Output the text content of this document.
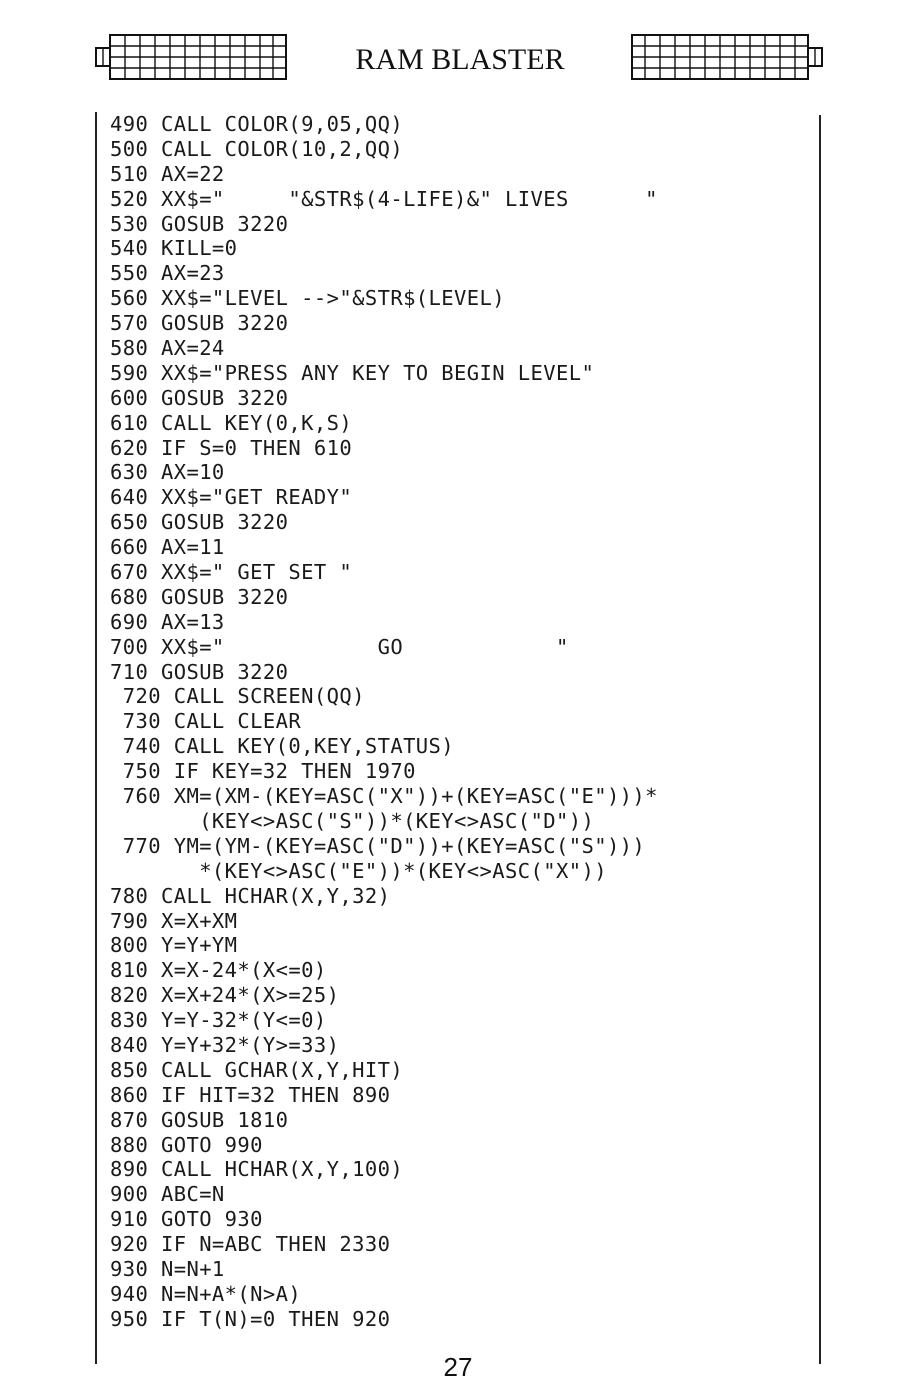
RAM BLASTER
490 CALL COLOR(9,05,QQ)
500 CALL COLOR(10,2,QQ)
510 AX=22
520 XX$="     "&STR$(4-LIFE)&" LIVES      "
530 GOSUB 3220
540 KILL=0
550 AX=23
560 XX$="LEVEL -->"&STR$(LEVEL)
570 GOSUB 3220
580 AX=24
590 XX$="PRESS ANY KEY TO BEGIN LEVEL"
600 GOSUB 3220
610 CALL KEY(0,K,S)
620 IF S=0 THEN 610
630 AX=10
640 XX$="GET READY"
650 GOSUB 3220
660 AX=11
670 XX$=" GET SET "
680 GOSUB 3220
690 AX=13
700 XX$="            GO            "
710 GOSUB 3220
720 CALL SCREEN(QQ)
730 CALL CLEAR
740 CALL KEY(0,KEY,STATUS)
750 IF KEY=32 THEN 1970
760 XM=(XM-(KEY=ASC("X"))+(KEY=ASC("E")))*
(KEY<>ASC("S"))*(KEY<>ASC("D"))
770 YM=(YM-(KEY=ASC("D"))+(KEY=ASC("S")))
*(KEY<>ASC("E"))*(KEY<>ASC("X"))
780 CALL HCHAR(X,Y,32)
790 X=X+XM
800 Y=Y+YM
810 X=X-24*(X<=0)
820 X=X+24*(X>=25)
830 Y=Y-32*(Y<=0)
840 Y=Y+32*(Y>=33)
850 CALL GCHAR(X,Y,HIT)
860 IF HIT=32 THEN 890
870 GOSUB 1810
880 GOTO 990
890 CALL HCHAR(X,Y,100)
900 ABC=N
910 GOTO 930
920 IF N=ABC THEN 2330
930 N=N+1
940 N=N+A*(N>A)
950 IF T(N)=0 THEN 920
27
